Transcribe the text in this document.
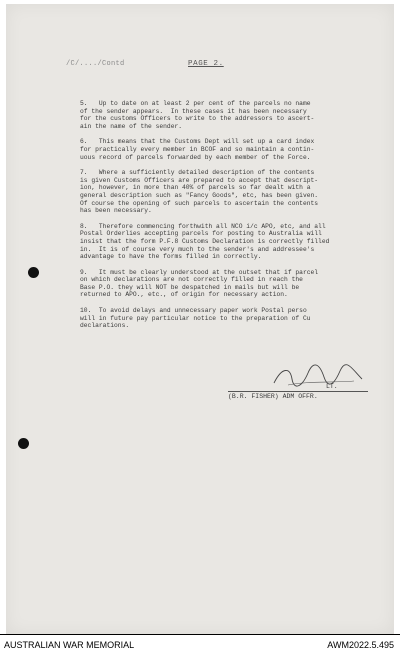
/C/..../Contd	PAGE 2.

5.   Up to date on at least 2 per cent of the parcels no name
of the sender appears.  In these cases it has been necessary
for the customs Officers to write to the addressors to ascert-
ain the name of the sender.

6.   This means that the Customs Dept will set up a card index
for practically every member in BCOF and so maintain a contin-
uous record of parcels forwarded by each member of the Force.

7.   Where a sufficiently detailed description of the contents
is given Customs Officers are prepared to accept that descript-
ion, however, in more than 40% of parcels so far dealt with a
general description such as "Fancy Goods", etc, has been given.
Of course the opening of such parcels to ascertain the contents
has been necessary.

8.   Therefore commencing forthwith all NCO i/c APO, etc, and all
Postal Orderlies accepting parcels for posting to Australia will
insist that the form P.F.8 Customs Declaration is correctly filled
in.  It is of course very much to the sender's and addressee's
advantage to have the forms filled in correctly.

9.   It must be clearly understood at the outset that if parcel
on which declarations are not correctly filled in reach the
Base P.O. they will NOT be despatched in mails but will be
returned to APO., etc., of origin for necessary action.

10.  To avoid delays and unnecessary paper work Postal perso
will in future pay particular notice to the preparation of Cu
declarations.

LT.
(B.R. FISHER) ADM OFFR.
AUSTRALIAN WAR MEMORIAL	AWM2022.5.495
